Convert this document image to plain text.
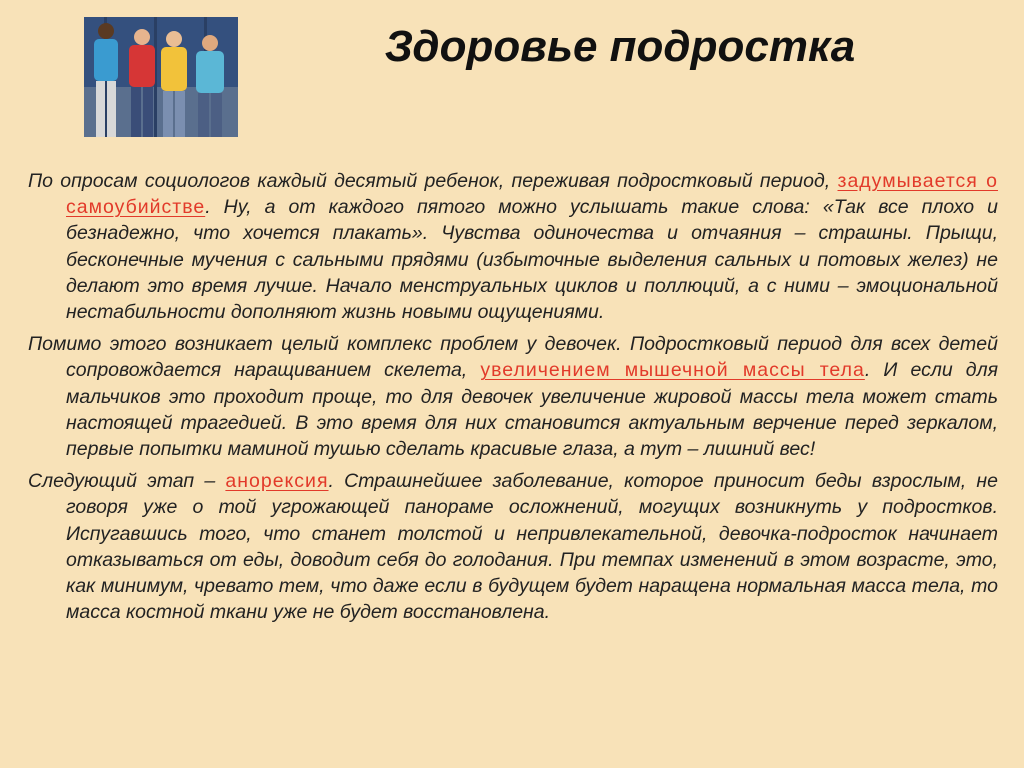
Здоровье подростка

По опросам социологов каждый десятый ребенок, переживая подростковый период, задумывается о самоубийстве. Ну, а от каждого пятого можно услышать такие слова: «Так все плохо и безнадежно, что хочется плакать». Чувства одиночества и отчаяния – страшны. Прыщи, бесконечные мучения с сальными прядями (избыточные выделения сальных и потовых желез) не делают это время лучше. Начало менструальных циклов и поллюций, а с ними – эмоциональной нестабильности дополняют жизнь новыми ощущениями.

Помимо этого возникает целый комплекс проблем у девочек. Подростковый период для всех детей сопровождается наращиванием скелета, увеличением мышечной массы тела. И если для мальчиков это проходит проще, то для девочек увеличение жировой массы тела может стать настоящей трагедией. В это время для них становится актуальным верчение перед зеркалом, первые попытки маминой тушью сделать красивые глаза, а тут – лишний вес!

Следующий этап – анорексия. Страшнейшее заболевание, которое приносит беды взрослым, не говоря уже о той угрожающей панораме осложнений, могущих возникнуть у подростков. Испугавшись того, что станет толстой и непривлекательной, девочка-подросток начинает отказываться от еды, доводит себя до голодания. При темпах изменений в этом возрасте, это, как минимум, чревато тем, что даже если в будущем будет наращена нормальная масса тела, то масса костной ткани уже не будет восстановлена.
